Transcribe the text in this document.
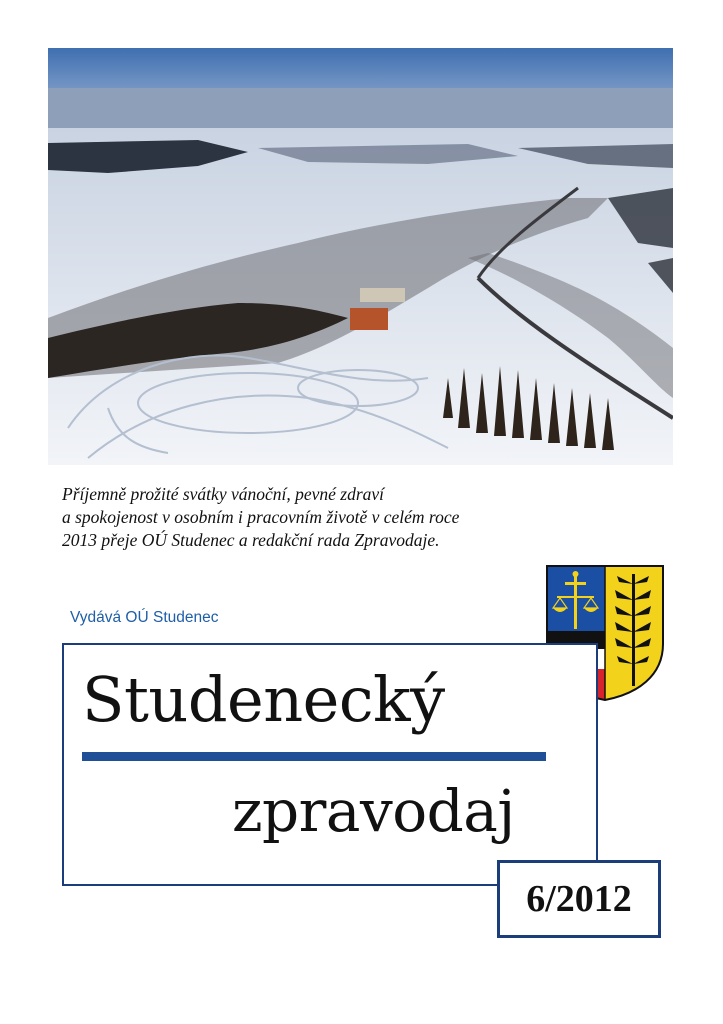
Příjemně prožité svátky vánoční, pevné zdraví
a spokojenost v osobním i pracovním životě v celém roce
2013 přeje OÚ Studenec a redakční rada Zpravodaje.
Vydává OÚ Studenec
Studenecký
zpravodaj
6/2012
